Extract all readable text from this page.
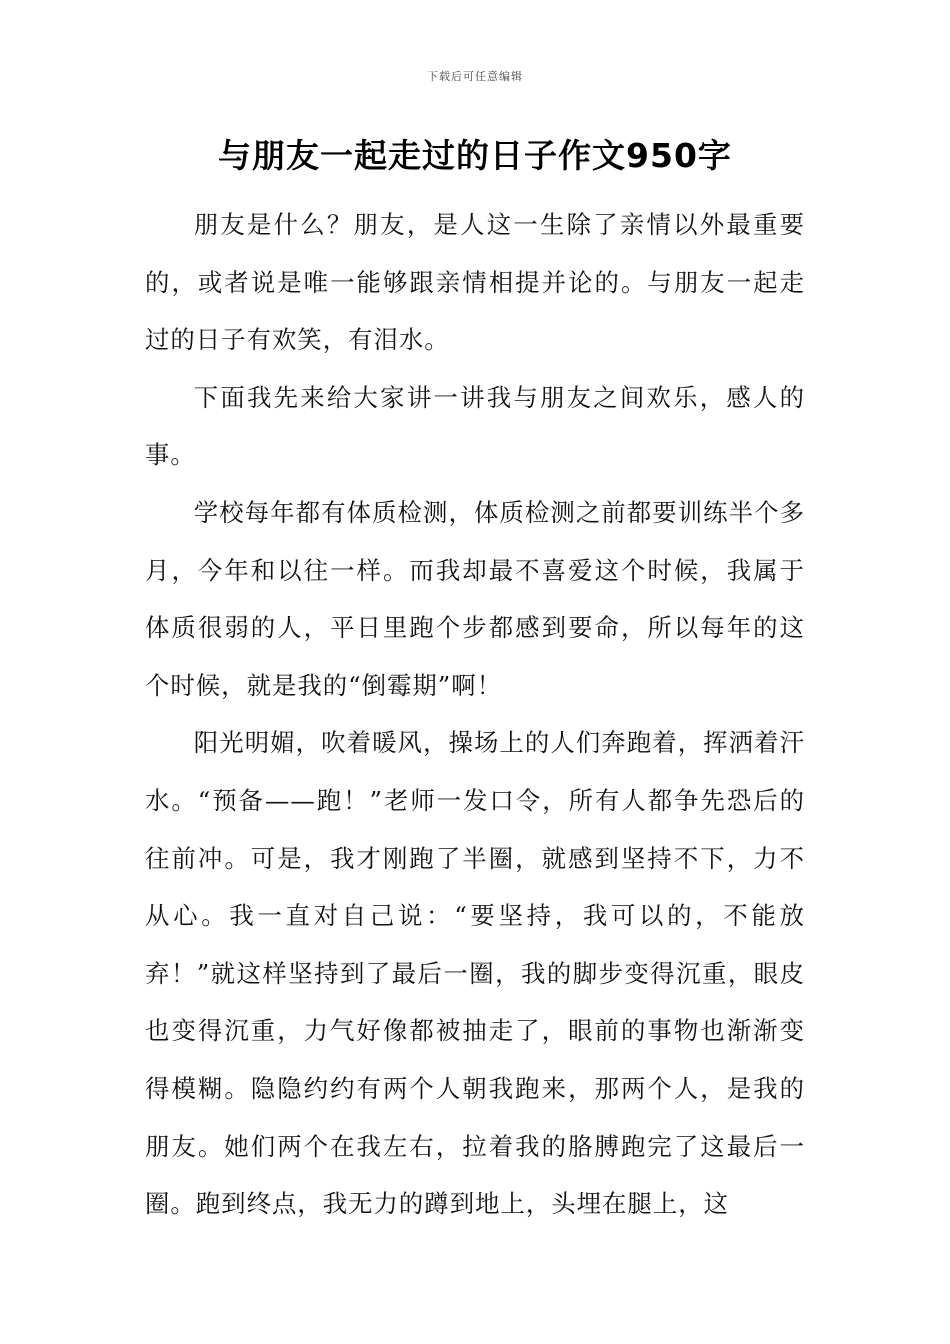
下载后可任意编辑
与朋友一起走过的日子作文950字

朋友是什么？朋友，是人这一生除了亲情以外最重要的，或者说是唯一能够跟亲情相提并论的。与朋友一起走过的日子有欢笑，有泪水。

下面我先来给大家讲一讲我与朋友之间欢乐，感人的事。

学校每年都有体质检测，体质检测之前都要训练半个多月，今年和以往一样。而我却最不喜爱这个时候，我属于体质很弱的人，平日里跑个步都感到要命，所以每年的这个时候，就是我的“倒霉期”啊！

阳光明媚，吹着暖风，操场上的人们奔跑着，挥洒着汗水。“预备——跑！”老师一发口令，所有人都争先恐后的往前冲。可是，我才刚跑了半圈，就感到坚持不下，力不从心。我一直对自己说：“要坚持，我可以的，不能放弃！”就这样坚持到了最后一圈，我的脚步变得沉重，眼皮也变得沉重，力气好像都被抽走了，眼前的事物也渐渐变得模糊。隐隐约约有两个人朝我跑来，那两个人，是我的朋友。她们两个在我左右，拉着我的胳膊跑完了这最后一圈。跑到终点，我无力的蹲到地上，头埋在腿上，这
